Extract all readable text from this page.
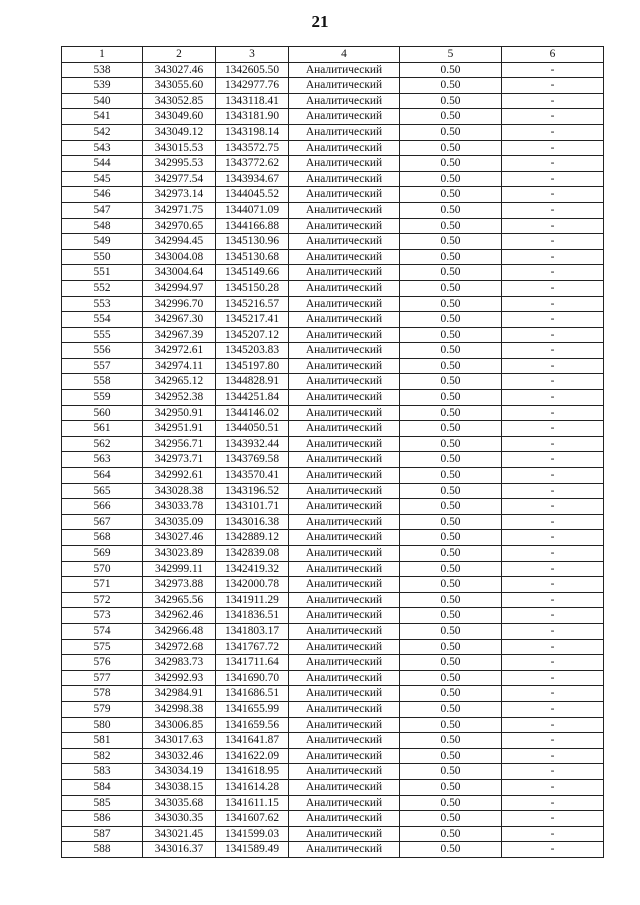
21
1	2	3	4	5	6
538	343027.46	1342605.50	Аналитический	0.50	-
539	343055.60	1342977.76	Аналитический	0.50	-
540	343052.85	1343118.41	Аналитический	0.50	-
541	343049.60	1343181.90	Аналитический	0.50	-
542	343049.12	1343198.14	Аналитический	0.50	-
543	343015.53	1343572.75	Аналитический	0.50	-
544	342995.53	1343772.62	Аналитический	0.50	-
545	342977.54	1343934.67	Аналитический	0.50	-
546	342973.14	1344045.52	Аналитический	0.50	-
547	342971.75	1344071.09	Аналитический	0.50	-
548	342970.65	1344166.88	Аналитический	0.50	-
549	342994.45	1345130.96	Аналитический	0.50	-
550	343004.08	1345130.68	Аналитический	0.50	-
551	343004.64	1345149.66	Аналитический	0.50	-
552	342994.97	1345150.28	Аналитический	0.50	-
553	342996.70	1345216.57	Аналитический	0.50	-
554	342967.30	1345217.41	Аналитический	0.50	-
555	342967.39	1345207.12	Аналитический	0.50	-
556	342972.61	1345203.83	Аналитический	0.50	-
557	342974.11	1345197.80	Аналитический	0.50	-
558	342965.12	1344828.91	Аналитический	0.50	-
559	342952.38	1344251.84	Аналитический	0.50	-
560	342950.91	1344146.02	Аналитический	0.50	-
561	342951.91	1344050.51	Аналитический	0.50	-
562	342956.71	1343932.44	Аналитический	0.50	-
563	342973.71	1343769.58	Аналитический	0.50	-
564	342992.61	1343570.41	Аналитический	0.50	-
565	343028.38	1343196.52	Аналитический	0.50	-
566	343033.78	1343101.71	Аналитический	0.50	-
567	343035.09	1343016.38	Аналитический	0.50	-
568	343027.46	1342889.12	Аналитический	0.50	-
569	343023.89	1342839.08	Аналитический	0.50	-
570	342999.11	1342419.32	Аналитический	0.50	-
571	342973.88	1342000.78	Аналитический	0.50	-
572	342965.56	1341911.29	Аналитический	0.50	-
573	342962.46	1341836.51	Аналитический	0.50	-
574	342966.48	1341803.17	Аналитический	0.50	-
575	342972.68	1341767.72	Аналитический	0.50	-
576	342983.73	1341711.64	Аналитический	0.50	-
577	342992.93	1341690.70	Аналитический	0.50	-
578	342984.91	1341686.51	Аналитический	0.50	-
579	342998.38	1341655.99	Аналитический	0.50	-
580	343006.85	1341659.56	Аналитический	0.50	-
581	343017.63	1341641.87	Аналитический	0.50	-
582	343032.46	1341622.09	Аналитический	0.50	-
583	343034.19	1341618.95	Аналитический	0.50	-
584	343038.15	1341614.28	Аналитический	0.50	-
585	343035.68	1341611.15	Аналитический	0.50	-
586	343030.35	1341607.62	Аналитический	0.50	-
587	343021.45	1341599.03	Аналитический	0.50	-
588	343016.37	1341589.49	Аналитический	0.50	-
